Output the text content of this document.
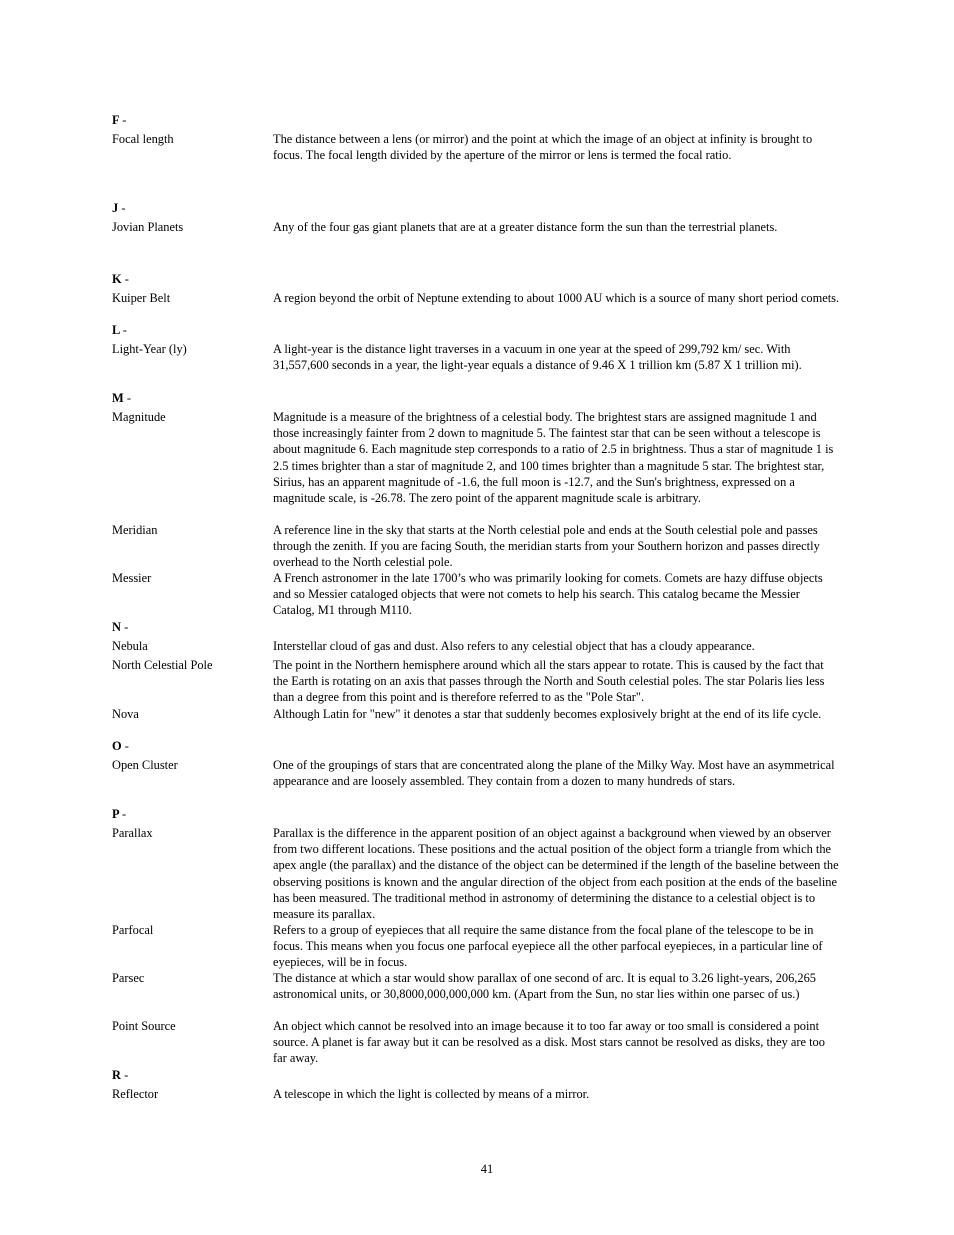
F -
Focal length	The distance between a lens (or mirror) and the point at which the image of an object at infinity is brought to focus. The focal length divided by the aperture of the mirror or lens is termed the focal ratio.
J -
Jovian Planets	Any of the four gas giant planets that are at a greater distance form the sun than the terrestrial planets.
K -
Kuiper Belt	A region beyond the orbit of Neptune extending to about 1000 AU which is a source of many short period comets.
L -
Light-Year (ly)	A light-year is the distance light traverses in a vacuum in one year at the speed of 299,792 km/ sec. With 31,557,600 seconds in a year, the light-year equals a distance of 9.46 X 1 trillion km (5.87 X 1 trillion mi).
M -
Magnitude	Magnitude is a measure of the brightness of a celestial body. The brightest stars are assigned magnitude 1 and those increasingly fainter from 2 down to magnitude 5. The faintest star that can be seen without a telescope is about magnitude 6. Each magnitude step corresponds to a ratio of 2.5 in brightness. Thus a star of magnitude 1 is 2.5 times brighter than a star of magnitude 2, and 100 times brighter than a magnitude 5 star. The brightest star, Sirius, has an apparent magnitude of -1.6, the full moon is -12.7, and the Sun's brightness, expressed on a magnitude scale, is -26.78. The zero point of the apparent magnitude scale is arbitrary.
Meridian	A reference line in the sky that starts at the North celestial pole and ends at the South celestial pole and passes through the zenith. If you are facing South, the meridian starts from your Southern horizon and passes directly overhead to the North celestial pole.
Messier	A French astronomer in the late 1700’s who was primarily looking for comets. Comets are hazy diffuse objects and so Messier cataloged objects that were not comets to help his search. This catalog became the Messier Catalog, M1 through M110.
N -
Nebula	Interstellar cloud of gas and dust. Also refers to any celestial object that has a cloudy appearance.
North Celestial Pole	The point in the Northern hemisphere around which all the stars appear to rotate. This is caused by the fact that the Earth is rotating on an axis that passes through the North and South celestial poles. The star Polaris lies less than a degree from this point and is therefore referred to as the "Pole Star".
Nova	Although Latin for "new" it denotes a star that suddenly becomes explosively bright at the end of its life cycle.
O -
Open Cluster	One of the groupings of stars that are concentrated along the plane of the Milky Way. Most have an asymmetrical appearance and are loosely assembled. They contain from a dozen to many hundreds of stars.
P -
Parallax	Parallax is the difference in the apparent position of an object against a background when viewed by an observer from two different locations. These positions and the actual position of the object form a triangle from which the apex angle (the parallax) and the distance of the object can be determined if the length of the baseline between the observing positions is known and the angular direction of the object from each position at the ends of the baseline has been measured. The traditional method in astronomy of determining the distance to a celestial object is to measure its parallax.
Parfocal	Refers to a group of eyepieces that all require the same distance from the focal plane of the telescope to be in focus. This means when you focus one parfocal eyepiece all the other parfocal eyepieces, in a particular line of eyepieces, will be in focus.
Parsec	The distance at which a star would show parallax of one second of arc. It is equal to 3.26 light-years, 206,265 astronomical units, or 30,8000,000,000,000 km. (Apart from the Sun, no star lies within one parsec of us.)
Point Source	An object which cannot be resolved into an image because it to too far away or too small is considered a point source. A planet is far away but it can be resolved as a disk. Most stars cannot be resolved as disks, they are too far away.
R -
Reflector	A telescope in which the light is collected by means of a mirror.
41
